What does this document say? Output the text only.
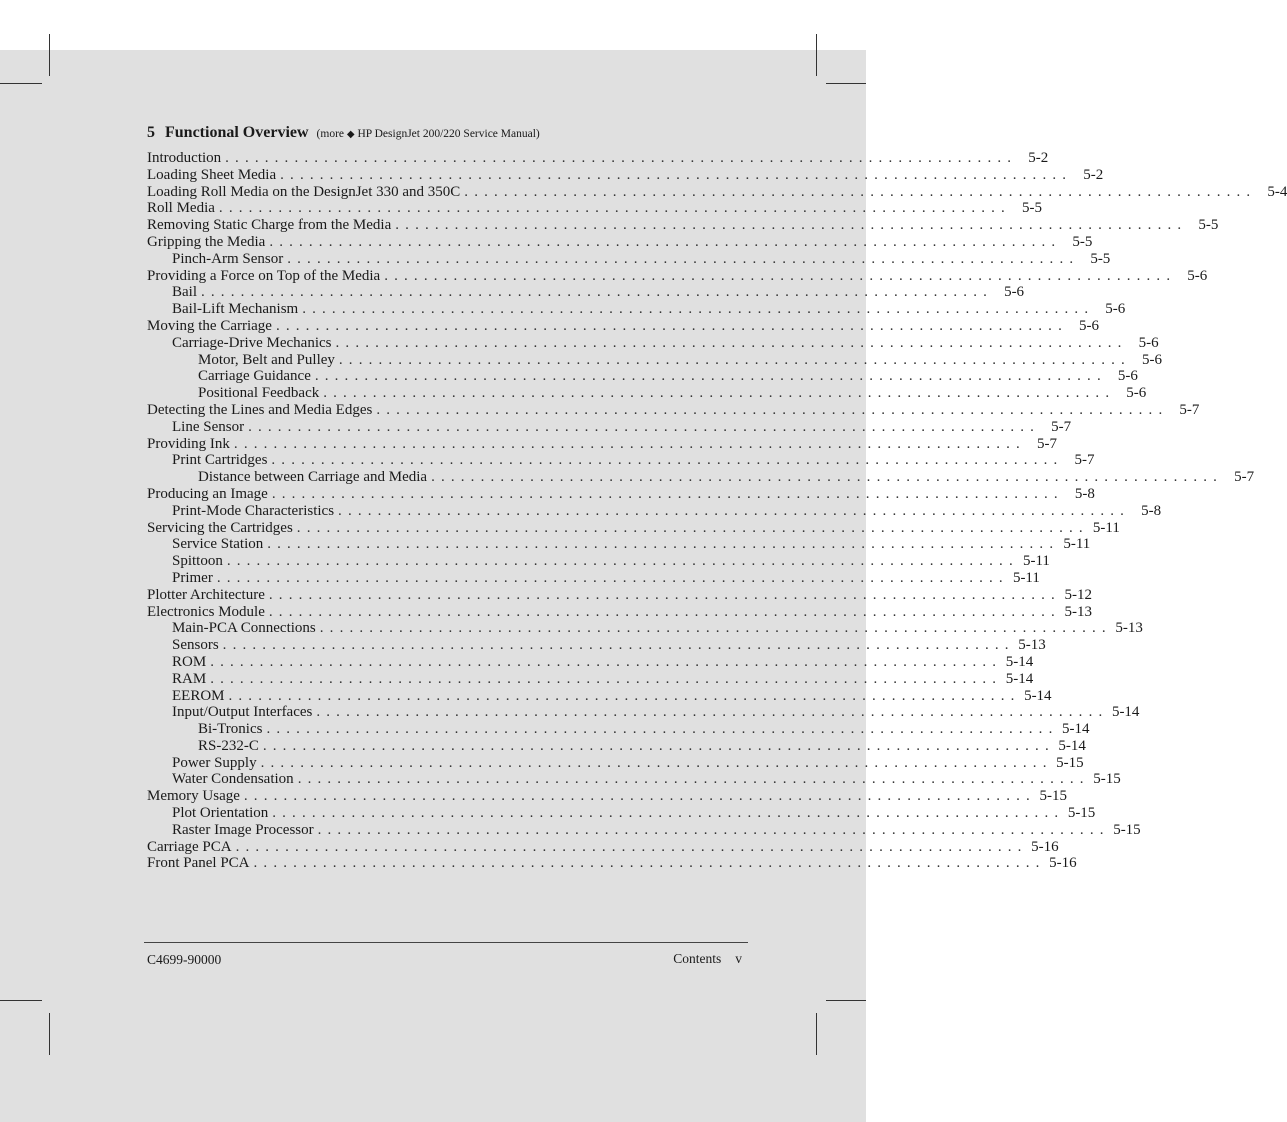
5 Functional Overview (more ◆ HP DesignJet 200/220 Service Manual)
Introduction . . . . . . . . . . . . . . . . . . . . . . . . . . . . . . . . . . . . . . . . . . . . . . . . . . . . . . . . . . . . . . . . . . . . . . . . . . . . . . . .	5-2
Loading Sheet Media . . . . . . . . . . . . . . . . . . . . . . . . . . . . . . . . . . . . . . . . . . . . . . . . . . . . . . . . . . . . . . . . . . . . . . . . . . . . . . . .	5-2
Loading Roll Media on the DesignJet 330 and 350C . . . . . . . . . . . . . . . . . . . . . . . . . . . . . . . . . . . . . . . . . . . . . . . . . . . . . . . . . . . . . . . . . . . . . . . . . . . . . . . .	5-4
Roll Media . . . . . . . . . . . . . . . . . . . . . . . . . . . . . . . . . . . . . . . . . . . . . . . . . . . . . . . . . . . . . . . . . . . . . . . . . . . . . . . .	5-5
Removing Static Charge from the Media . . . . . . . . . . . . . . . . . . . . . . . . . . . . . . . . . . . . . . . . . . . . . . . . . . . . . . . . . . . . . . . . . . . . . . . . . . . . . . . .	5-5
Gripping the Media . . . . . . . . . . . . . . . . . . . . . . . . . . . . . . . . . . . . . . . . . . . . . . . . . . . . . . . . . . . . . . . . . . . . . . . . . . . . . . . .	5-5
Pinch-Arm Sensor . . . . . . . . . . . . . . . . . . . . . . . . . . . . . . . . . . . . . . . . . . . . . . . . . . . . . . . . . . . . . . . . . . . . . . . . . . . . . . . .	5-5
Providing a Force on Top of the Media . . . . . . . . . . . . . . . . . . . . . . . . . . . . . . . . . . . . . . . . . . . . . . . . . . . . . . . . . . . . . . . . . . . . . . . . . . . . . . . .	5-6
Bail . . . . . . . . . . . . . . . . . . . . . . . . . . . . . . . . . . . . . . . . . . . . . . . . . . . . . . . . . . . . . . . . . . . . . . . . . . . . . . . .	5-6
Bail-Lift Mechanism . . . . . . . . . . . . . . . . . . . . . . . . . . . . . . . . . . . . . . . . . . . . . . . . . . . . . . . . . . . . . . . . . . . . . . . . . . . . . . . .	5-6
Moving the Carriage . . . . . . . . . . . . . . . . . . . . . . . . . . . . . . . . . . . . . . . . . . . . . . . . . . . . . . . . . . . . . . . . . . . . . . . . . . . . . . . .	5-6
Carriage-Drive Mechanics . . . . . . . . . . . . . . . . . . . . . . . . . . . . . . . . . . . . . . . . . . . . . . . . . . . . . . . . . . . . . . . . . . . . . . . . . . . . . . . .	5-6
Motor, Belt and Pulley . . . . . . . . . . . . . . . . . . . . . . . . . . . . . . . . . . . . . . . . . . . . . . . . . . . . . . . . . . . . . . . . . . . . . . . . . . . . . . . .	5-6
Carriage Guidance . . . . . . . . . . . . . . . . . . . . . . . . . . . . . . . . . . . . . . . . . . . . . . . . . . . . . . . . . . . . . . . . . . . . . . . . . . . . . . . .	5-6
Positional Feedback . . . . . . . . . . . . . . . . . . . . . . . . . . . . . . . . . . . . . . . . . . . . . . . . . . . . . . . . . . . . . . . . . . . . . . . . . . . . . . . .	5-6
Detecting the Lines and Media Edges . . . . . . . . . . . . . . . . . . . . . . . . . . . . . . . . . . . . . . . . . . . . . . . . . . . . . . . . . . . . . . . . . . . . . . . . . . . . . . . .	5-7
Line Sensor . . . . . . . . . . . . . . . . . . . . . . . . . . . . . . . . . . . . . . . . . . . . . . . . . . . . . . . . . . . . . . . . . . . . . . . . . . . . . . . .	5-7
Providing Ink . . . . . . . . . . . . . . . . . . . . . . . . . . . . . . . . . . . . . . . . . . . . . . . . . . . . . . . . . . . . . . . . . . . . . . . . . . . . . . . .	5-7
Print Cartridges . . . . . . . . . . . . . . . . . . . . . . . . . . . . . . . . . . . . . . . . . . . . . . . . . . . . . . . . . . . . . . . . . . . . . . . . . . . . . . . .	5-7
Distance between Carriage and Media . . . . . . . . . . . . . . . . . . . . . . . . . . . . . . . . . . . . . . . . . . . . . . . . . . . . . . . . . . . . . . . . . . . . . . . . . . . . . . . .	5-7
Producing an Image . . . . . . . . . . . . . . . . . . . . . . . . . . . . . . . . . . . . . . . . . . . . . . . . . . . . . . . . . . . . . . . . . . . . . . . . . . . . . . . .	5-8
Print-Mode Characteristics . . . . . . . . . . . . . . . . . . . . . . . . . . . . . . . . . . . . . . . . . . . . . . . . . . . . . . . . . . . . . . . . . . . . . . . . . . . . . . . .	5-8
Servicing the Cartridges . . . . . . . . . . . . . . . . . . . . . . . . . . . . . . . . . . . . . . . . . . . . . . . . . . . . . . . . . . . . . . . . . . . . . . . . . . . . . . . . 5-11
Service Station . . . . . . . . . . . . . . . . . . . . . . . . . . . . . . . . . . . . . . . . . . . . . . . . . . . . . . . . . . . . . . . . . . . . . . . . . . . . . . . . 5-11
Spittoon . . . . . . . . . . . . . . . . . . . . . . . . . . . . . . . . . . . . . . . . . . . . . . . . . . . . . . . . . . . . . . . . . . . . . . . . . . . . . . . . 5-11
Primer . . . . . . . . . . . . . . . . . . . . . . . . . . . . . . . . . . . . . . . . . . . . . . . . . . . . . . . . . . . . . . . . . . . . . . . . . . . . . . . . 5-11
Plotter Architecture . . . . . . . . . . . . . . . . . . . . . . . . . . . . . . . . . . . . . . . . . . . . . . . . . . . . . . . . . . . . . . . . . . . . . . . . . . . . . . . . 5-12
Electronics Module . . . . . . . . . . . . . . . . . . . . . . . . . . . . . . . . . . . . . . . . . . . . . . . . . . . . . . . . . . . . . . . . . . . . . . . . . . . . . . . . 5-13
Main-PCA Connections . . . . . . . . . . . . . . . . . . . . . . . . . . . . . . . . . . . . . . . . . . . . . . . . . . . . . . . . . . . . . . . . . . . . . . . . . . . . . . . . 5-13
Sensors . . . . . . . . . . . . . . . . . . . . . . . . . . . . . . . . . . . . . . . . . . . . . . . . . . . . . . . . . . . . . . . . . . . . . . . . . . . . . . . . 5-13
ROM . . . . . . . . . . . . . . . . . . . . . . . . . . . . . . . . . . . . . . . . . . . . . . . . . . . . . . . . . . . . . . . . . . . . . . . . . . . . . . . . 5-14
RAM . . . . . . . . . . . . . . . . . . . . . . . . . . . . . . . . . . . . . . . . . . . . . . . . . . . . . . . . . . . . . . . . . . . . . . . . . . . . . . . . 5-14
EEROM . . . . . . . . . . . . . . . . . . . . . . . . . . . . . . . . . . . . . . . . . . . . . . . . . . . . . . . . . . . . . . . . . . . . . . . . . . . . . . . . 5-14
Input/Output Interfaces . . . . . . . . . . . . . . . . . . . . . . . . . . . . . . . . . . . . . . . . . . . . . . . . . . . . . . . . . . . . . . . . . . . . . . . . . . . . . . . . 5-14
Bi-Tronics . . . . . . . . . . . . . . . . . . . . . . . . . . . . . . . . . . . . . . . . . . . . . . . . . . . . . . . . . . . . . . . . . . . . . . . . . . . . . . . . 5-14
RS-232-C . . . . . . . . . . . . . . . . . . . . . . . . . . . . . . . . . . . . . . . . . . . . . . . . . . . . . . . . . . . . . . . . . . . . . . . . . . . . . . . . 5-14
Power Supply . . . . . . . . . . . . . . . . . . . . . . . . . . . . . . . . . . . . . . . . . . . . . . . . . . . . . . . . . . . . . . . . . . . . . . . . . . . . . . . . 5-15
Water Condensation . . . . . . . . . . . . . . . . . . . . . . . . . . . . . . . . . . . . . . . . . . . . . . . . . . . . . . . . . . . . . . . . . . . . . . . . . . . . . . . . 5-15
Memory Usage . . . . . . . . . . . . . . . . . . . . . . . . . . . . . . . . . . . . . . . . . . . . . . . . . . . . . . . . . . . . . . . . . . . . . . . . . . . . . . . . 5-15
Plot Orientation . . . . . . . . . . . . . . . . . . . . . . . . . . . . . . . . . . . . . . . . . . . . . . . . . . . . . . . . . . . . . . . . . . . . . . . . . . . . . . . . 5-15
Raster Image Processor . . . . . . . . . . . . . . . . . . . . . . . . . . . . . . . . . . . . . . . . . . . . . . . . . . . . . . . . . . . . . . . . . . . . . . . . . . . . . . . . 5-15
Carriage PCA . . . . . . . . . . . . . . . . . . . . . . . . . . . . . . . . . . . . . . . . . . . . . . . . . . . . . . . . . . . . . . . . . . . . . . . . . . . . . . . . 5-16
Front Panel PCA . . . . . . . . . . . . . . . . . . . . . . . . . . . . . . . . . . . . . . . . . . . . . . . . . . . . . . . . . . . . . . . . . . . . . . . . . . . . . . . . 5-16
C4699-90000	Contents v
